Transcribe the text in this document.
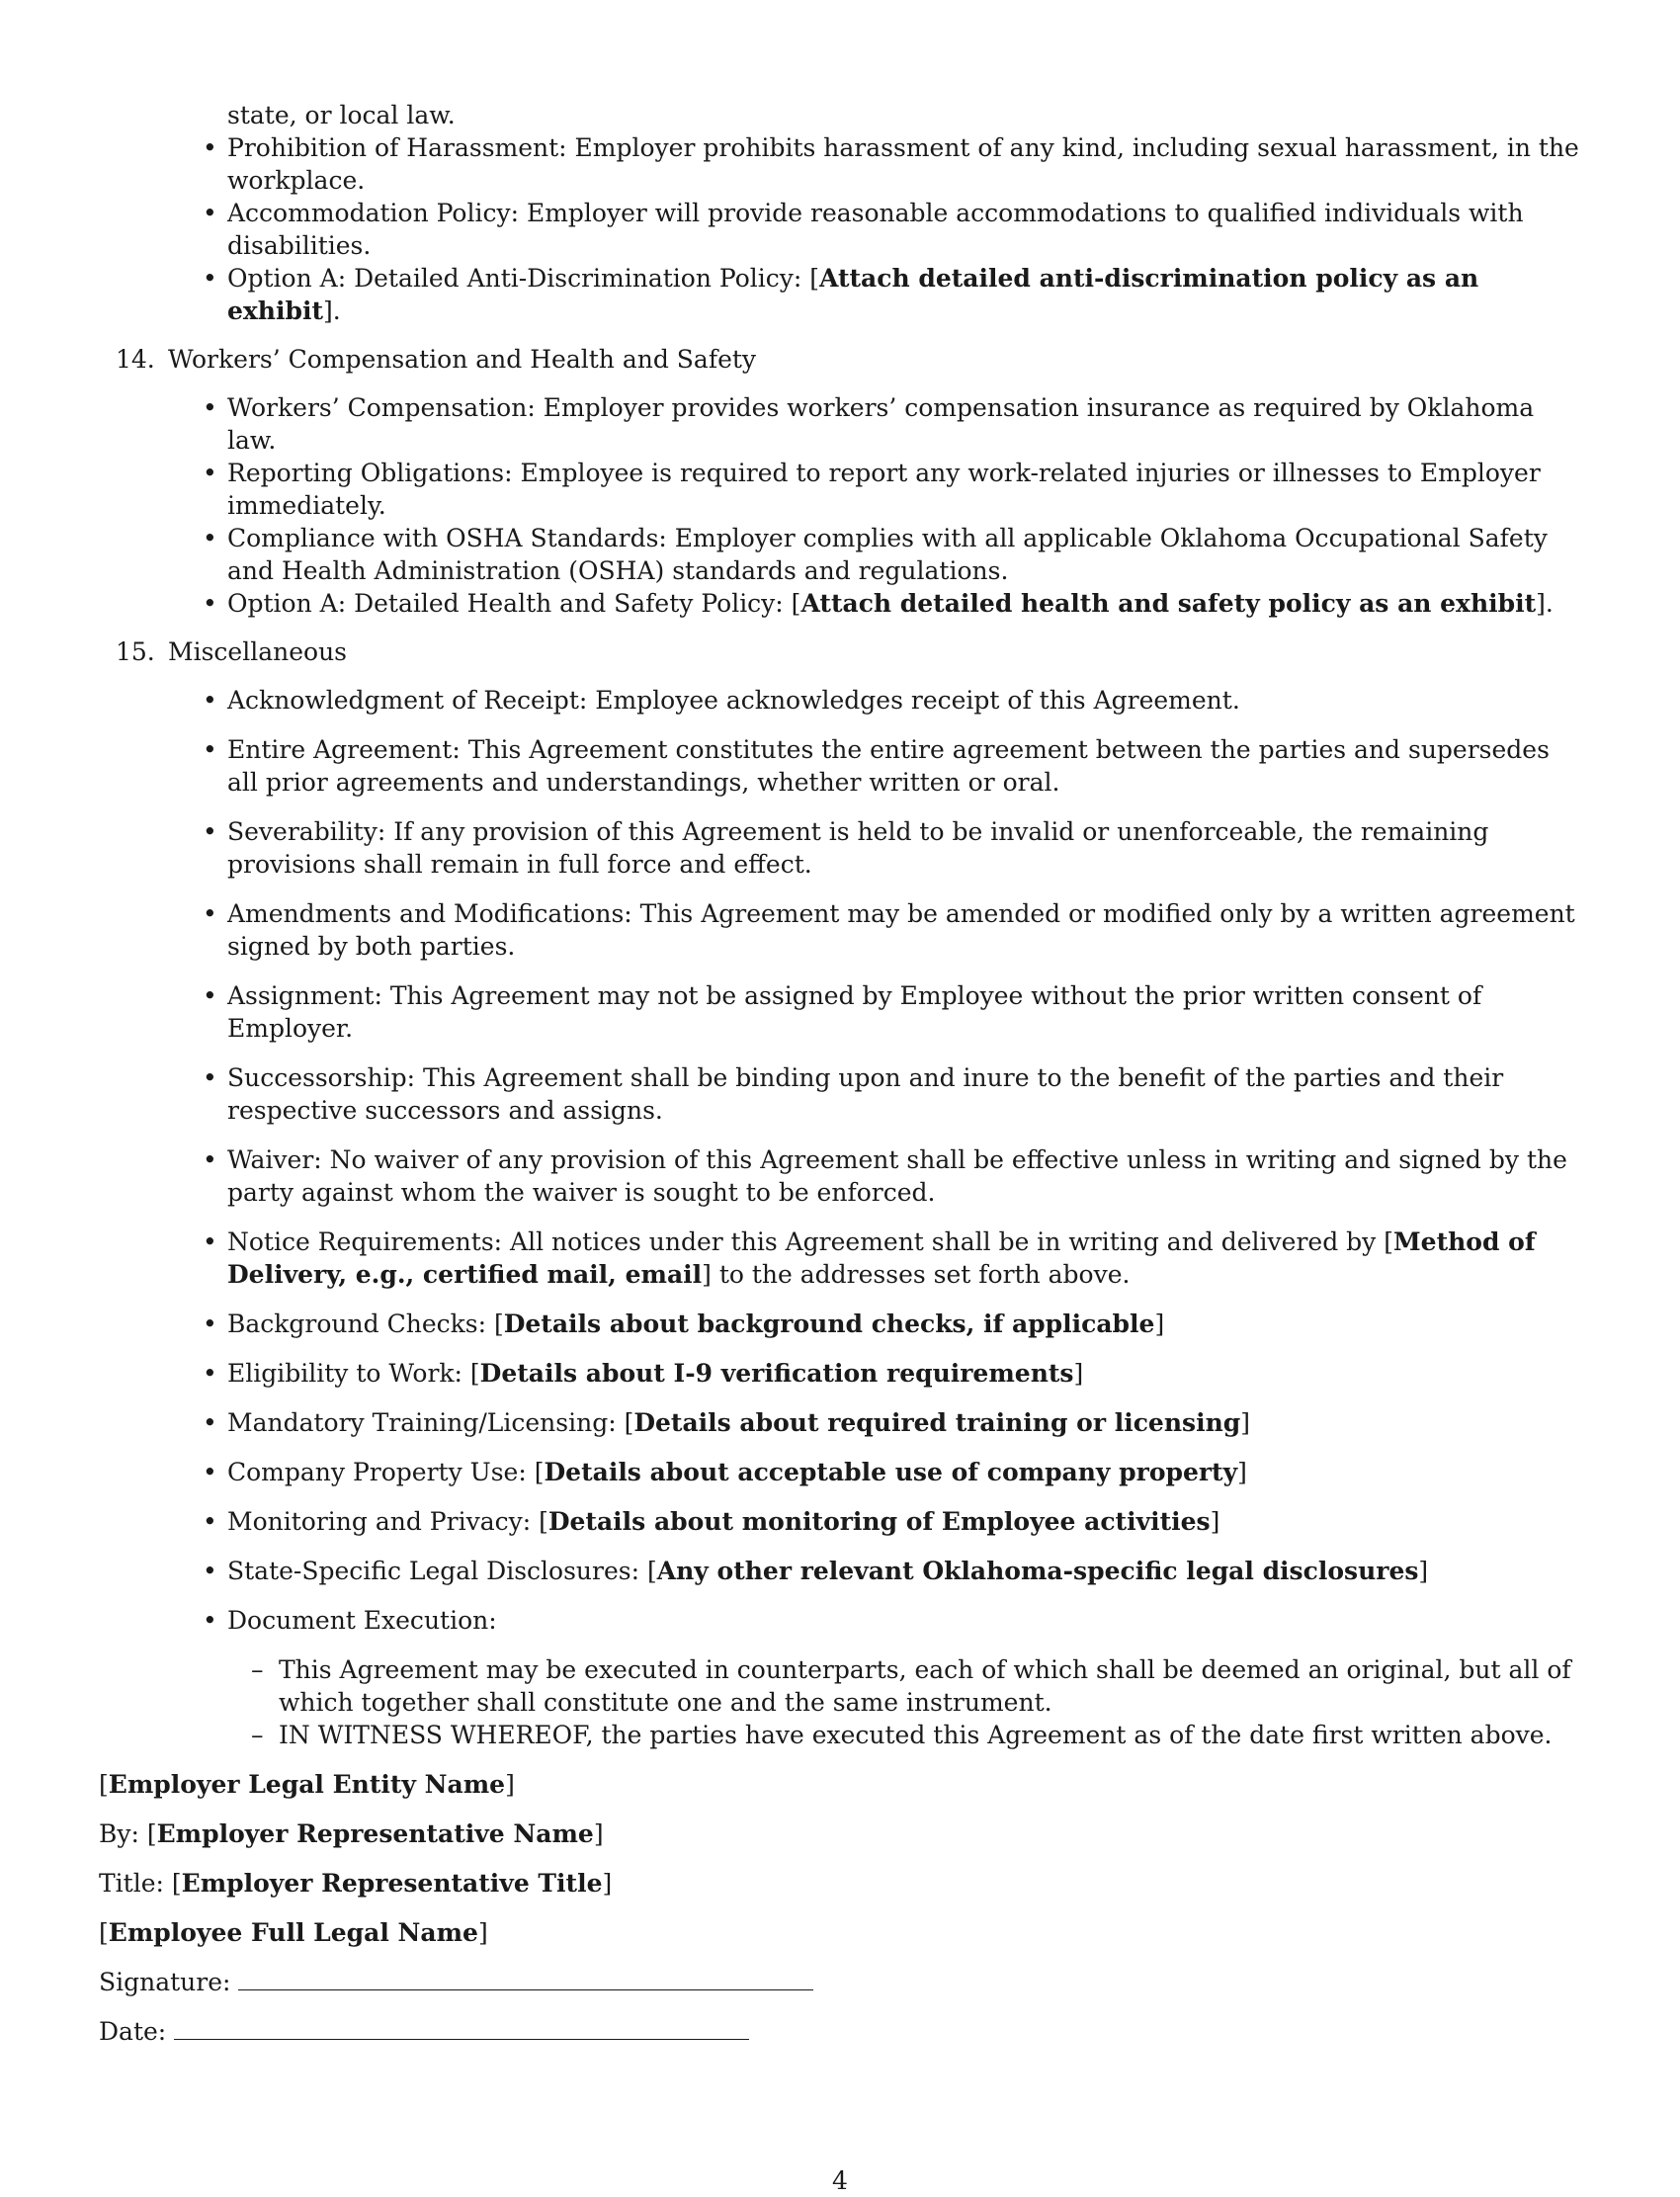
state, or local law.
• Prohibition of Harassment: Employer prohibits harassment of any kind, including sexual harassment, in the workplace.
• Accommodation Policy: Employer will provide reasonable accommodations to qualified individuals with disabilities.
• Option A: Detailed Anti-Discrimination Policy: [Attach detailed anti-discrimination policy as an exhibit].
14. Workers’ Compensation and Health and Safety
• Workers’ Compensation: Employer provides workers’ compensation insurance as required by Oklahoma law.
• Reporting Obligations: Employee is required to report any work-related injuries or illnesses to Employer immediately.
• Compliance with OSHA Standards: Employer complies with all applicable Oklahoma Occupational Safety and Health Administration (OSHA) standards and regulations.
• Option A: Detailed Health and Safety Policy: [Attach detailed health and safety policy as an exhibit].
15. Miscellaneous
• Acknowledgment of Receipt: Employee acknowledges receipt of this Agreement.
• Entire Agreement: This Agreement constitutes the entire agreement between the parties and supersedes all prior agreements and understandings, whether written or oral.
• Severability: If any provision of this Agreement is held to be invalid or unenforceable, the remaining provisions shall remain in full force and effect.
• Amendments and Modifications: This Agreement may be amended or modified only by a written agreement signed by both parties.
• Assignment: This Agreement may not be assigned by Employee without the prior written consent of Employer.
• Successorship: This Agreement shall be binding upon and inure to the benefit of the parties and their respective successors and assigns.
• Waiver: No waiver of any provision of this Agreement shall be effective unless in writing and signed by the party against whom the waiver is sought to be enforced.
• Notice Requirements: All notices under this Agreement shall be in writing and delivered by [Method of Delivery, e.g., certified mail, email] to the addresses set forth above.
• Background Checks: [Details about background checks, if applicable]
• Eligibility to Work: [Details about I-9 verification requirements]
• Mandatory Training/Licensing: [Details about required training or licensing]
• Company Property Use: [Details about acceptable use of company property]
• Monitoring and Privacy: [Details about monitoring of Employee activities]
• State-Specific Legal Disclosures: [Any other relevant Oklahoma-specific legal disclosures]
• Document Execution:
– This Agreement may be executed in counterparts, each of which shall be deemed an original, but all of which together shall constitute one and the same instrument.
– IN WITNESS WHEREOF, the parties have executed this Agreement as of the date first written above.
[Employer Legal Entity Name]
By: [Employer Representative Name]
Title: [Employer Representative Title]
[Employee Full Legal Name]
Signature:
Date:
4
